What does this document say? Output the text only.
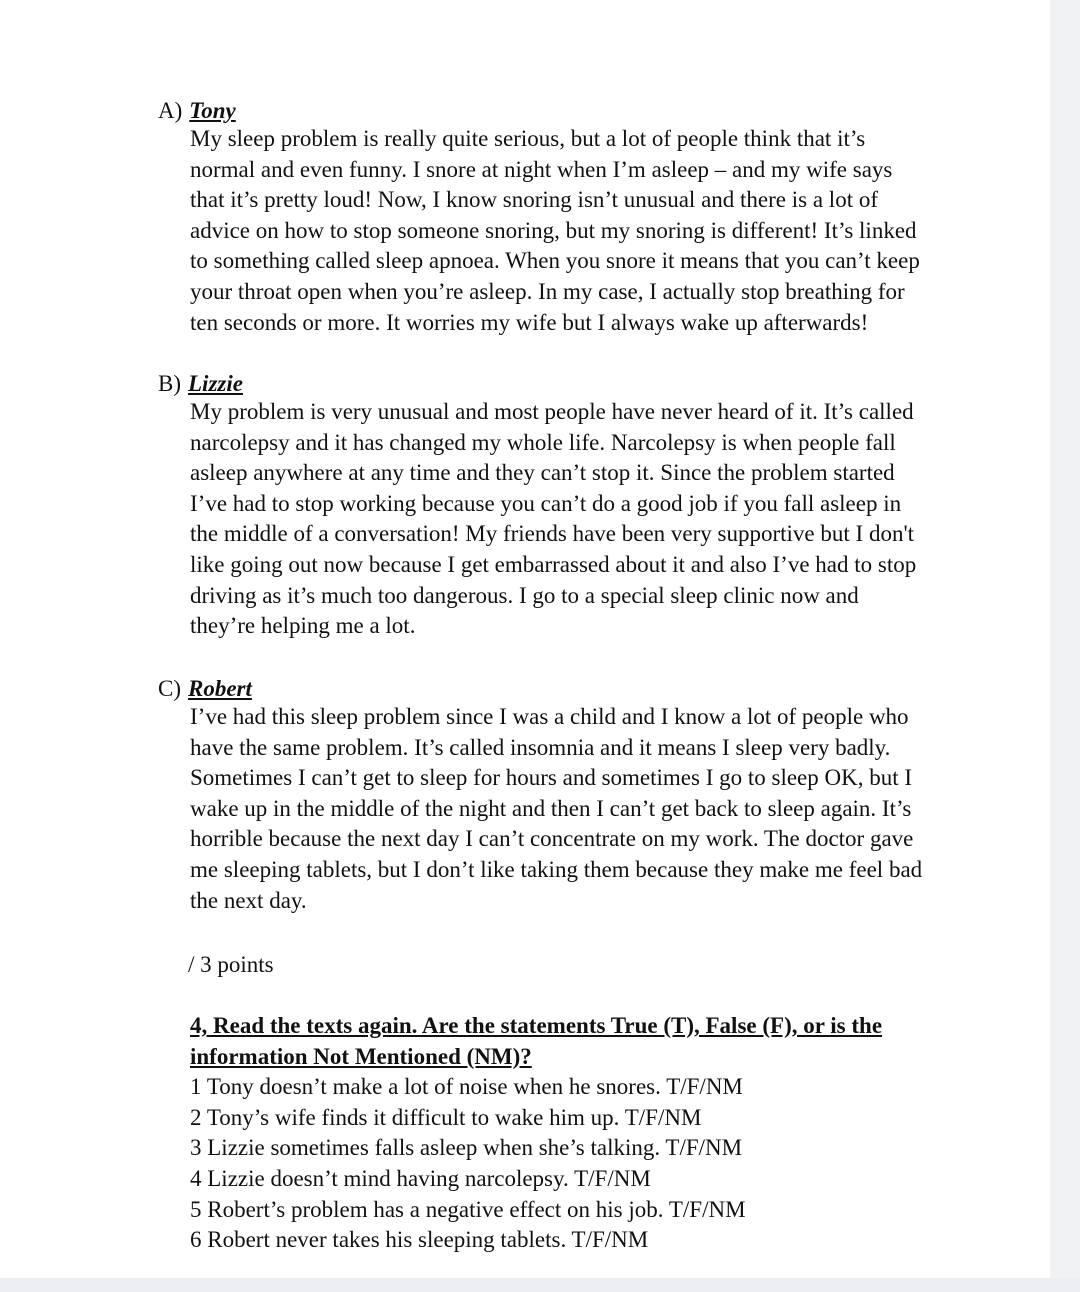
A) Tony
My sleep problem is really quite serious, but a lot of people think that it’s
normal and even funny. I snore at night when I’m asleep – and my wife says
that it’s pretty loud! Now, I know snoring isn’t unusual and there is a lot of
advice on how to stop someone snoring, but my snoring is different! It’s linked
to something called sleep apnoea. When you snore it means that you can’t keep
your throat open when you’re asleep. In my case, I actually stop breathing for
ten seconds or more. It worries my wife but I always wake up afterwards!
B) Lizzie
My problem is very unusual and most people have never heard of it. It’s called
narcolepsy and it has changed my whole life. Narcolepsy is when people fall
asleep anywhere at any time and they can’t stop it. Since the problem started
I’ve had to stop working because you can’t do a good job if you fall asleep in
the middle of a conversation! My friends have been very supportive but I don't
like going out now because I get embarrassed about it and also I’ve had to stop
driving as it’s much too dangerous. I go to a special sleep clinic now and
they’re helping me a lot.
C) Robert
I’ve had this sleep problem since I was a child and I know a lot of people who
have the same problem. It’s called insomnia and it means I sleep very badly.
Sometimes I can’t get to sleep for hours and sometimes I go to sleep OK, but I
wake up in the middle of the night and then I can’t get back to sleep again. It’s
horrible because the next day I can’t concentrate on my work. The doctor gave
me sleeping tablets, but I don’t like taking them because they make me feel bad
the next day.
/ 3 points
4, Read the texts again. Are the statements True (T), False (F), or is the
information Not Mentioned (NM)?
1 Tony doesn’t make a lot of noise when he snores. T/F/NM
2 Tony’s wife finds it difficult to wake him up. T/F/NM
3 Lizzie sometimes falls asleep when she’s talking. T/F/NM
4 Lizzie doesn’t mind having narcolepsy. T/F/NM
5 Robert’s problem has a negative effect on his job. T/F/NM
6 Robert never takes his sleeping tablets. T/F/NM
